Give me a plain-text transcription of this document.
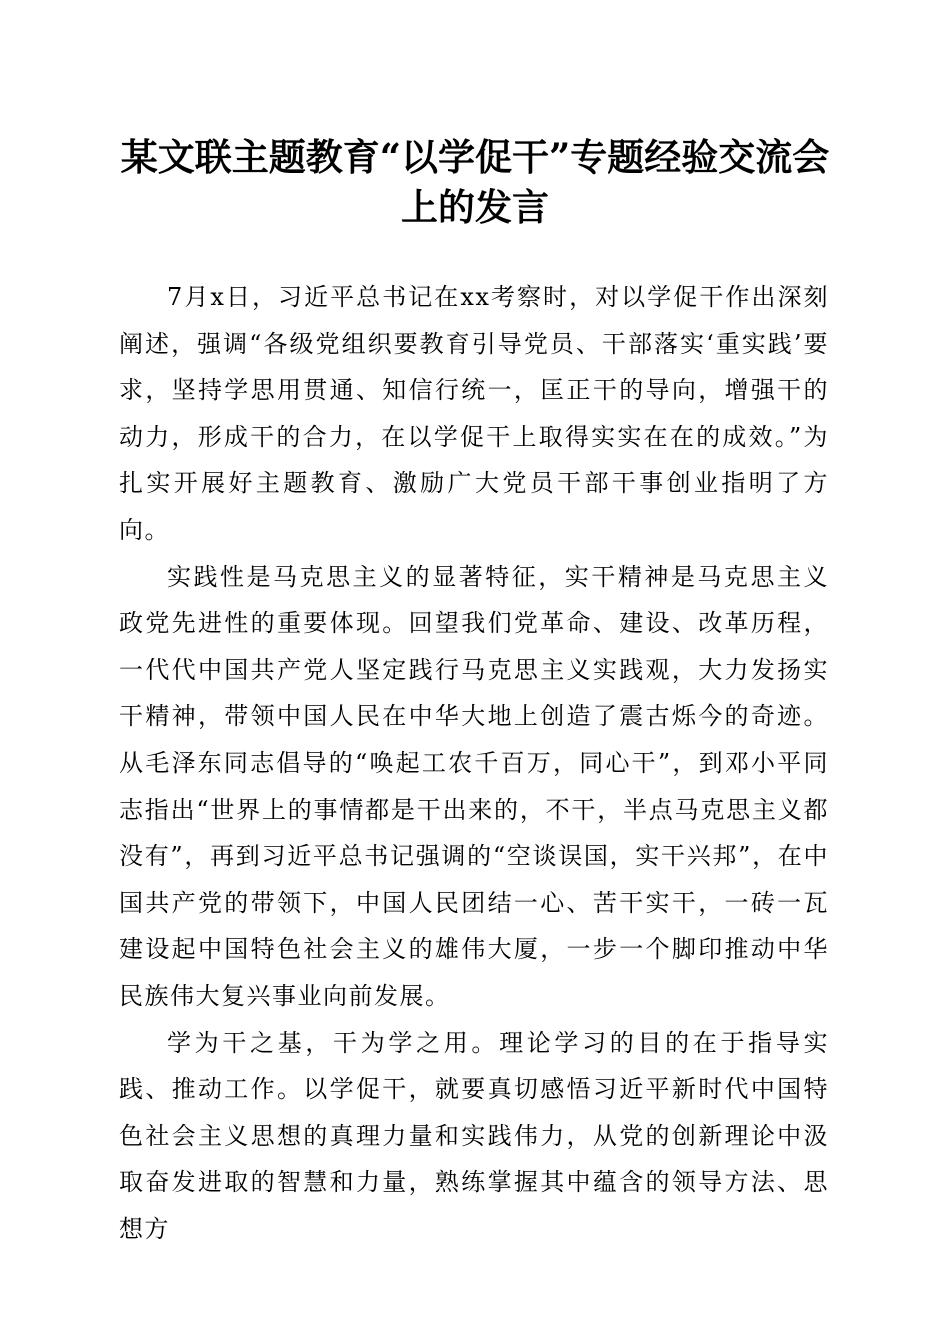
某文联主题教育“以学促干”专题经验交流会上的发言

7月x日，习近平总书记在xx考察时，对以学促干作出深刻阐述，强调“各级党组织要教育引导党员、干部落实‘重实践’要求，坚持学思用贯通、知信行统一，匡正干的导向，增强干的动力，形成干的合力，在以学促干上取得实实在在的成效。”为扎实开展好主题教育、激励广大党员干部干事创业指明了方向。

实践性是马克思主义的显著特征，实干精神是马克思主义政党先进性的重要体现。回望我们党革命、建设、改革历程，一代代中国共产党人坚定践行马克思主义实践观，大力发扬实干精神，带领中国人民在中华大地上创造了震古烁今的奇迹。从毛泽东同志倡导的“唤起工农千百万，同心干”，到邓小平同志指出“世界上的事情都是干出来的，不干，半点马克思主义都没有”，再到习近平总书记强调的“空谈误国，实干兴邦”，在中国共产党的带领下，中国人民团结一心、苦干实干，一砖一瓦建设起中国特色社会主义的雄伟大厦，一步一个脚印推动中华民族伟大复兴事业向前发展。

学为干之基，干为学之用。理论学习的目的在于指导实践、推动工作。以学促干，就要真切感悟习近平新时代中国特色社会主义思想的真理力量和实践伟力，从党的创新理论中汲取奋发进取的智慧和力量，熟练掌握其中蕴含的领导方法、思想方
